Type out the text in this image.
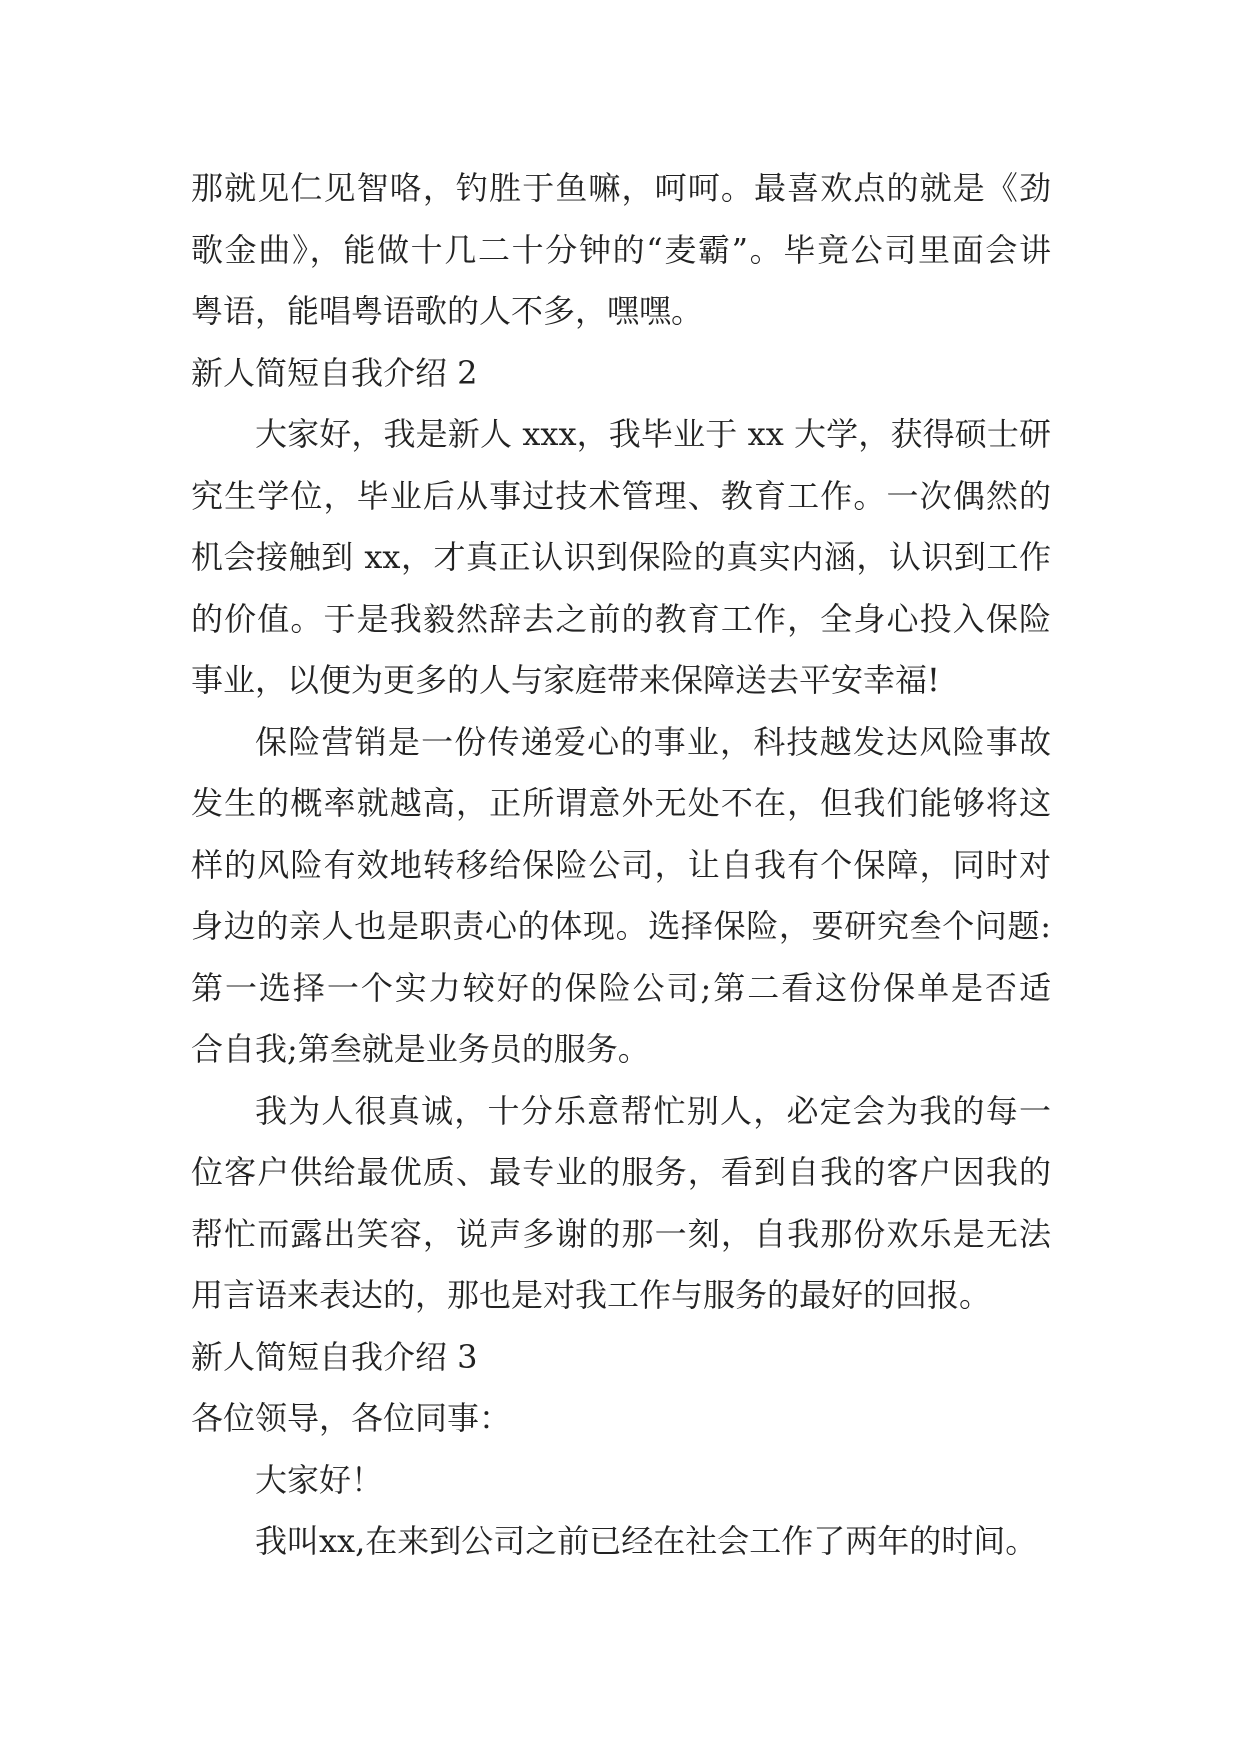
那就见仁见智咯，钓胜于鱼嘛，呵呵。最喜欢点的就是《劲
歌金曲》，能做十几二十分钟的“麦霸”。毕竟公司里面会讲
粤语，能唱粤语歌的人不多，嘿嘿。
新人简短自我介绍 2
大家好，我是新人 xxx，我毕业于 xx 大学，获得硕士研
究生学位，毕业后从事过技术管理、教育工作。一次偶然的
机会接触到 xx，才真正认识到保险的真实内涵，认识到工作
的价值。于是我毅然辞去之前的教育工作，全身心投入保险
事业，以便为更多的人与家庭带来保障送去平安幸福!
保险营销是一份传递爱心的事业，科技越发达风险事故
发生的概率就越高，正所谓意外无处不在，但我们能够将这
样的风险有效地转移给保险公司，让自我有个保障，同时对
身边的亲人也是职责心的体现。选择保险，要研究叁个问题:
第一选择一个实力较好的保险公司;第二看这份保单是否适
合自我;第叁就是业务员的服务。
我为人很真诚，十分乐意帮忙别人，必定会为我的每一
位客户供给最优质、最专业的服务，看到自我的客户因我的
帮忙而露出笑容，说声多谢的那一刻，自我那份欢乐是无法
用言语来表达的，那也是对我工作与服务的最好的回报。
新人简短自我介绍 3
各位领导，各位同事：
大家好！
我叫xx,在来到公司之前已经在社会工作了两年的时间。
